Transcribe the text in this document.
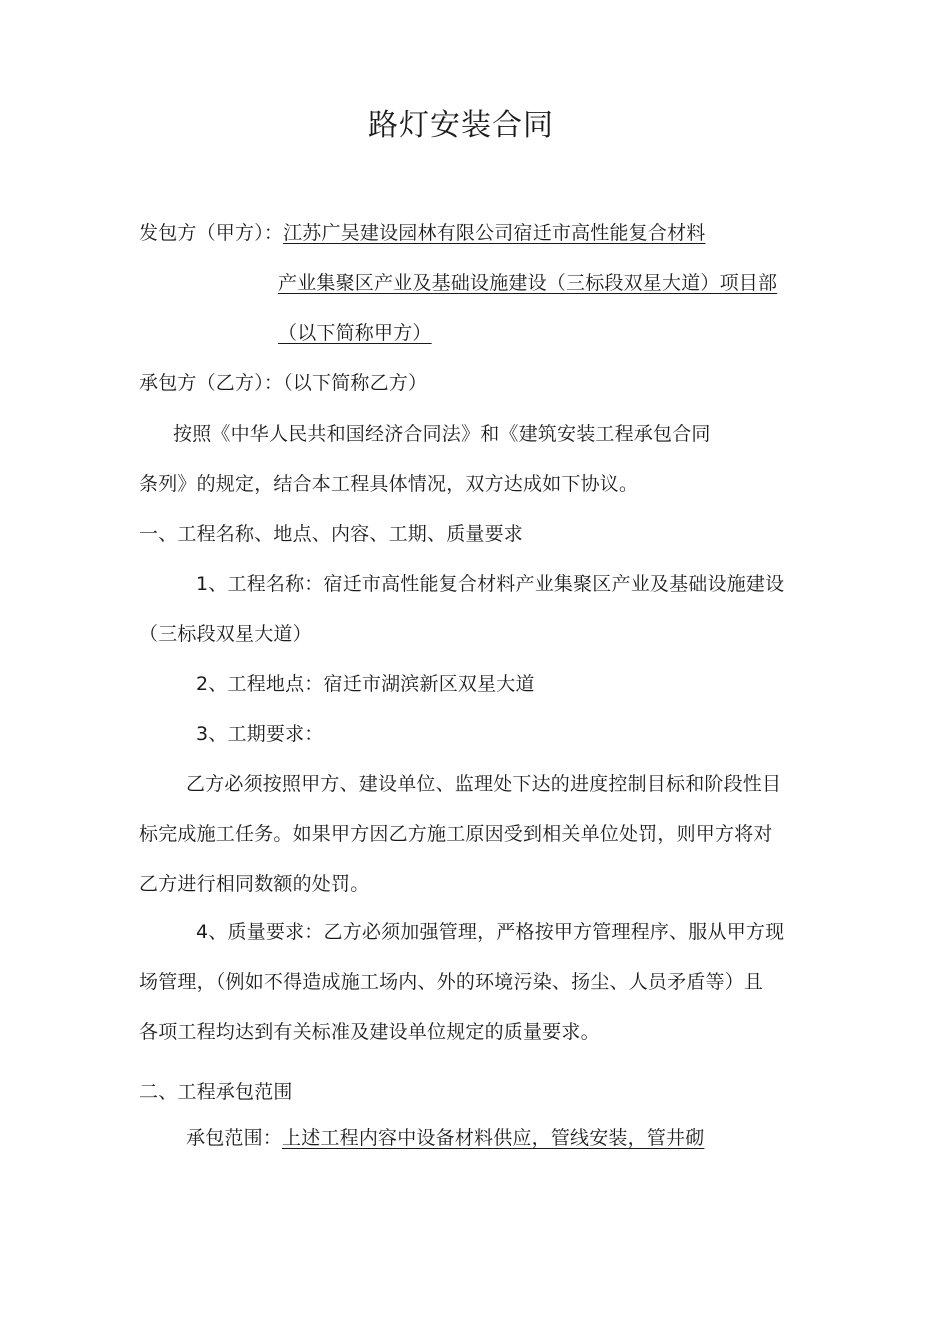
路灯安装合同
发包方（甲方）：江苏广吴建设园林有限公司宿迁市高性能复合材料
产业集聚区产业及基础设施建设（三标段双星大道）项目部
（以下简称甲方）
承包方（乙方）：（以下简称乙方）
按照《中华人民共和国经济合同法》和《建筑安装工程承包合同
条列》的规定，结合本工程具体情况，双方达成如下协议。
一、工程名称、地点、内容、工期、质量要求
1、工程名称：宿迁市高性能复合材料产业集聚区产业及基础设施建设
（三标段双星大道）
2、工程地点：宿迁市湖滨新区双星大道
3、工期要求：
乙方必须按照甲方、建设单位、监理处下达的进度控制目标和阶段性目
标完成施工任务。如果甲方因乙方施工原因受到相关单位处罚，则甲方将对
乙方进行相同数额的处罚。
4、质量要求：乙方必须加强管理，严格按甲方管理程序、服从甲方现
场管理，（例如不得造成施工场内、外的环境污染、扬尘、人员矛盾等）且
各项工程均达到有关标准及建设单位规定的质量要求。
二、工程承包范围
承包范围：上述工程内容中设备材料供应，管线安装，管井砌
